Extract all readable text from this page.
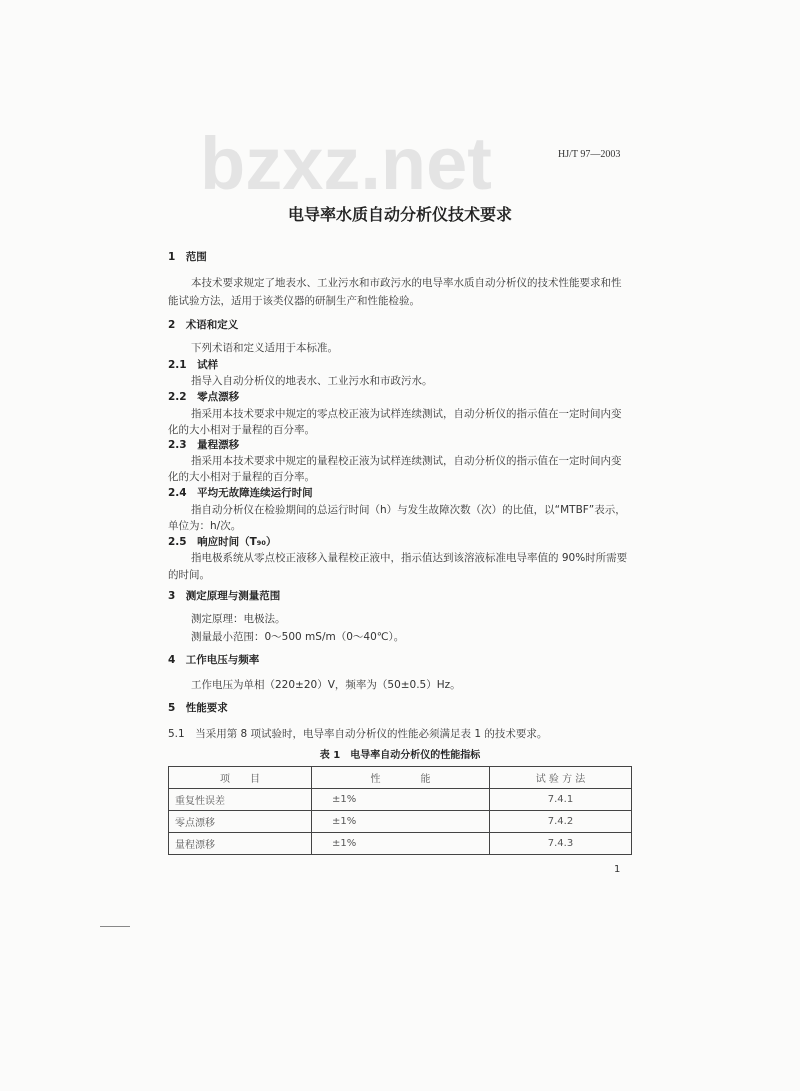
bzxz.net	HJ/T 97—2003
电导率水质自动分析仪技术要求
1　范围
本技术要求规定了地表水、工业污水和市政污水的电导率水质自动分析仪的技术性能要求和性
能试验方法，适用于该类仪器的研制生产和性能检验。
2　术语和定义
下列术语和定义适用于本标准。
2.1　试样
指导入自动分析仪的地表水、工业污水和市政污水。
2.2　零点漂移
指采用本技术要求中规定的零点校正液为试样连续测试，自动分析仪的指示值在一定时间内变
化的大小相对于量程的百分率。
2.3　量程漂移
指采用本技术要求中规定的量程校正液为试样连续测试，自动分析仪的指示值在一定时间内变
化的大小相对于量程的百分率。
2.4　平均无故障连续运行时间
指自动分析仪在检验期间的总运行时间（h）与发生故障次数（次）的比值，以“MTBF”表示，
单位为：h/次。
2.5　响应时间（T₉₀）
指电极系统从零点校正液移入量程校正液中，指示值达到该溶液标准电导率值的 90%时所需要
的时间。
3　测定原理与测量范围
测定原理：电极法。
测量最小范围：0～500 mS/m（0～40℃）。
4　工作电压与频率
工作电压为单相（220±20）V，频率为（50±0.5）Hz。
5　性能要求
5.1　当采用第 8 项试验时，电导率自动分析仪的性能必须满足表 1 的技术要求。
表 1　电导率自动分析仪的性能指标
项　　目	性　　　　能	试 验 方 法
重复性误差	±1%	7.4.1
零点漂移	±1%	7.4.2
量程漂移	±1%	7.4.3
1
